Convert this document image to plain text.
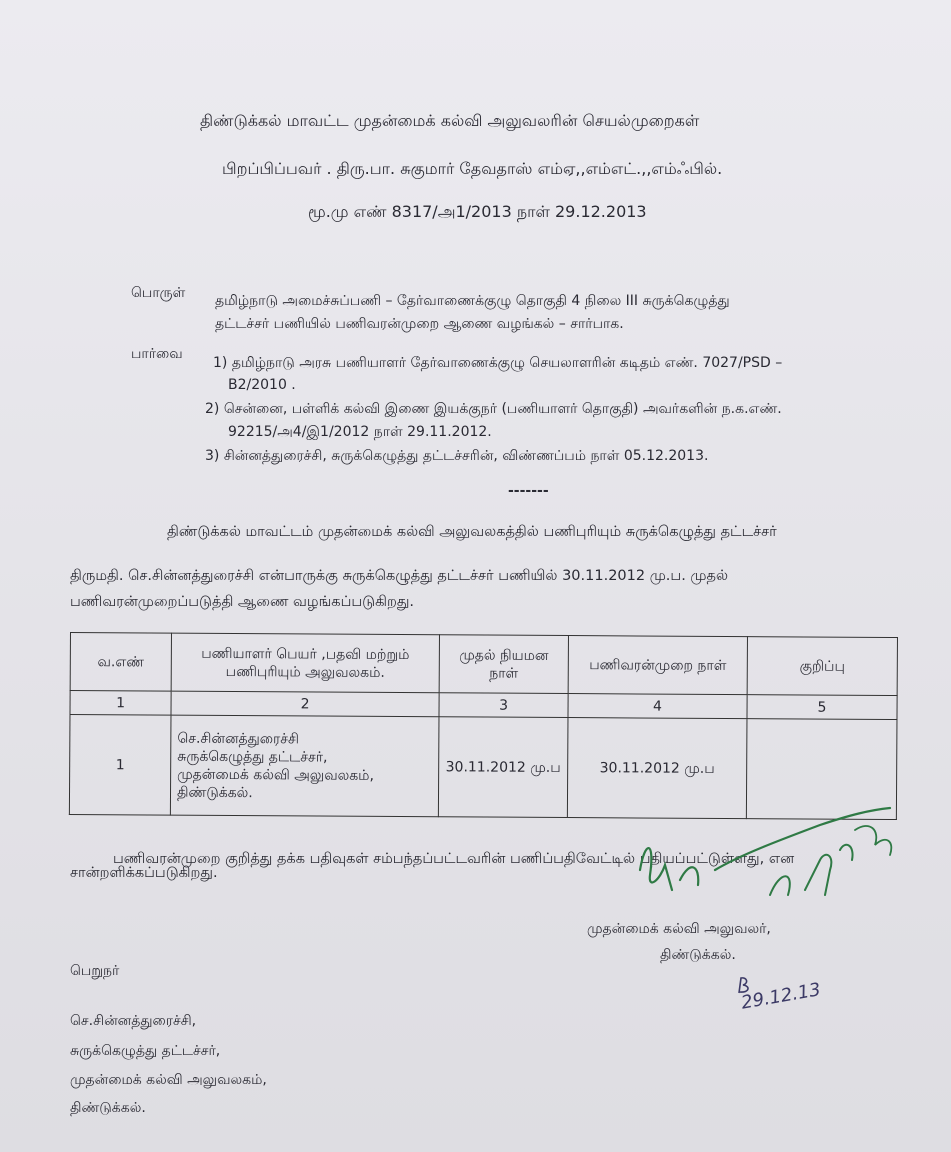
திண்டுக்கல் மாவட்ட முதன்மைக் கல்வி அலுவலரின் செயல்முறைகள்
பிறப்பிப்பவர் . திரு.பா. சுகுமார் தேவதாஸ் எம்ஏ,,எம்எட்.,,எம்ஃபில்.
மூ.மு எண் 8317/அ1/2013 நாள் 29.12.2013
பொருள் தமிழ்நாடு அமைச்சுப்பணி – தேர்வாணைக்குழு தொகுதி 4 நிலை III சுருக்கெழுத்து
தட்டச்சர் பணியில் பணிவரன்முறை ஆணை வழங்கல் – சார்பாக.
பார்வை
1) தமிழ்நாடு அரசு பணியாளர் தேர்வாணைக்குழு செயலாளரின் கடிதம் எண். 7027/PSD –
B2/2010 .
2) சென்னை, பள்ளிக் கல்வி இணை இயக்குநர் (பணியாளர் தொகுதி) அவர்களின் ந.க.எண்.
92215/அ4/இ1/2012 நாள் 29.11.2012.
3) சின்னத்துரைச்சி, சுருக்கெழுத்து தட்டச்சரின், விண்ணப்பம் நாள் 05.12.2013.
-------
திண்டுக்கல் மாவட்டம் முதன்மைக் கல்வி அலுவலகத்தில் பணிபுரியும் சுருக்கெழுத்து தட்டச்சர்
திருமதி. செ.சின்னத்துரைச்சி என்பாருக்கு சுருக்கெழுத்து தட்டச்சர் பணியில் 30.11.2012 மு.ப. முதல்
பணிவரன்முறைப்படுத்தி ஆணை வழங்கப்படுகிறது.
வ.எண்	பணியாளர் பெயர் ,பதவி மற்றும் பணிபுரியும் அலுவலகம்.	முதல் நியமன நாள்	பணிவரன்முறை நாள்	குறிப்பு
1	2	3	4	5
1	செ.சின்னத்துரைச்சி
சுருக்கெழுத்து தட்டச்சர்,
முதன்மைக் கல்வி அலுவலகம்,
திண்டுக்கல்.	30.11.2012 மு.ப	30.11.2012 மு.ப	
பணிவரன்முறை குறித்து தக்க பதிவுகள் சம்பந்தப்பட்டவரின் பணிப்பதிவேட்டில் பதியப்பட்டுள்ளது, என
சான்றளிக்கப்படுகிறது.
முதன்மைக் கல்வி அலுவலர்,
திண்டுக்கல்.
29.12.13
பெறுநர்
செ.சின்னத்துரைச்சி,
சுருக்கெழுத்து தட்டச்சர்,
முதன்மைக் கல்வி அலுவலகம்,
திண்டுக்கல்.
